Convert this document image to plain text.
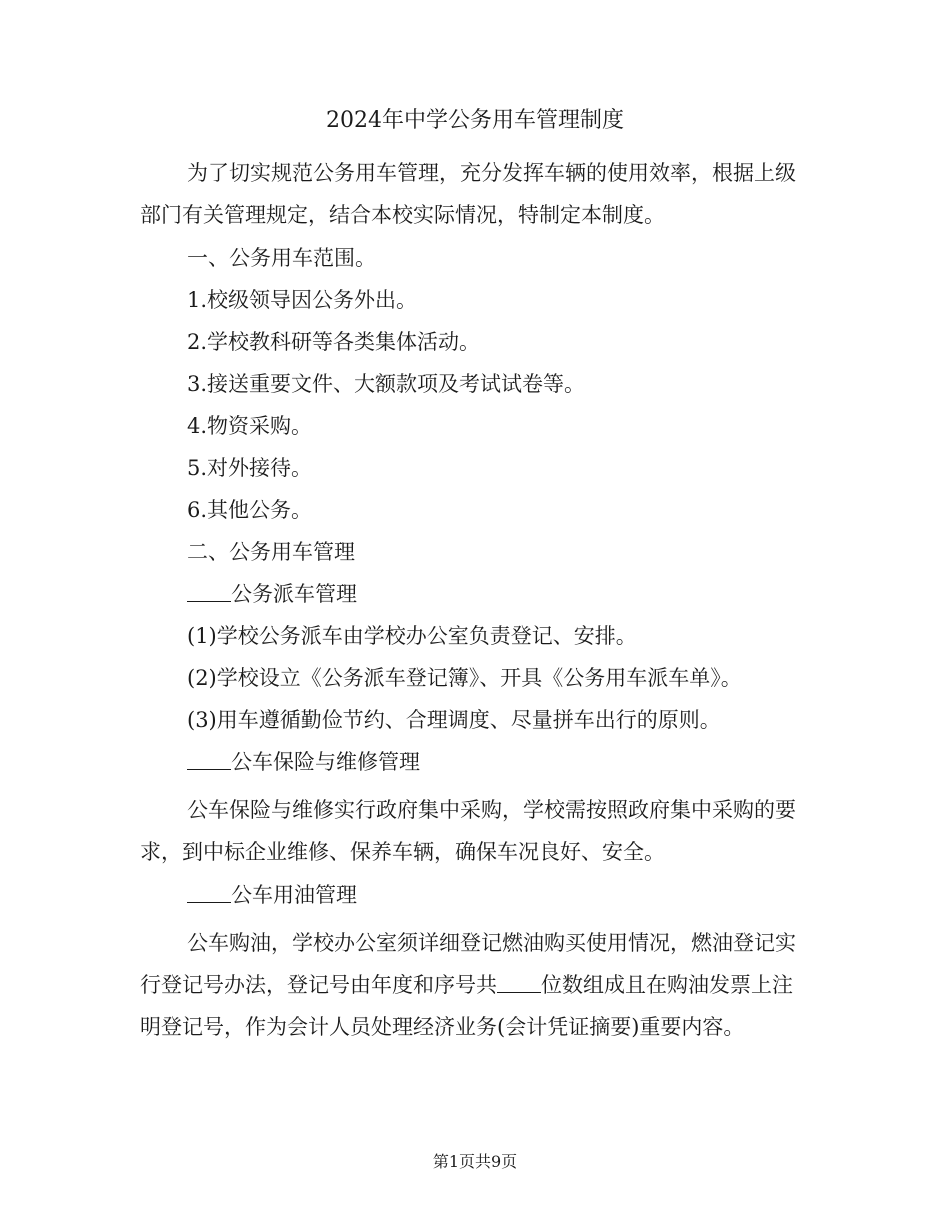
2024年中学公务用车管理制度

为了切实规范公务用车管理，充分发挥车辆的使用效率，根据上级部门有关管理规定，结合本校实际情况，特制定本制度。

一、公务用车范围。

1.校级领导因公务外出。

2.学校教科研等各类集体活动。

3.接送重要文件、大额款项及考试试卷等。

4.物资采购。

5.对外接待。

6.其他公务。

二、公务用车管理

公务派车管理

(1)学校公务派车由学校办公室负责登记、安排。

(2)学校设立《公务派车登记簿》、开具《公务用车派车单》。

(3)用车遵循勤俭节约、合理调度、尽量拼车出行的原则。

公车保险与维修管理

公车保险与维修实行政府集中采购，学校需按照政府集中采购的要求，到中标企业维修、保养车辆，确保车况良好、安全。

公车用油管理

公车购油，学校办公室须详细登记燃油购买使用情况，燃油登记实行登记号办法，登记号由年度和序号共 位数组成且在购油发票上注明登记号，作为会计人员处理经济业务(会计凭证摘要)重要内容。

第1页共9页
